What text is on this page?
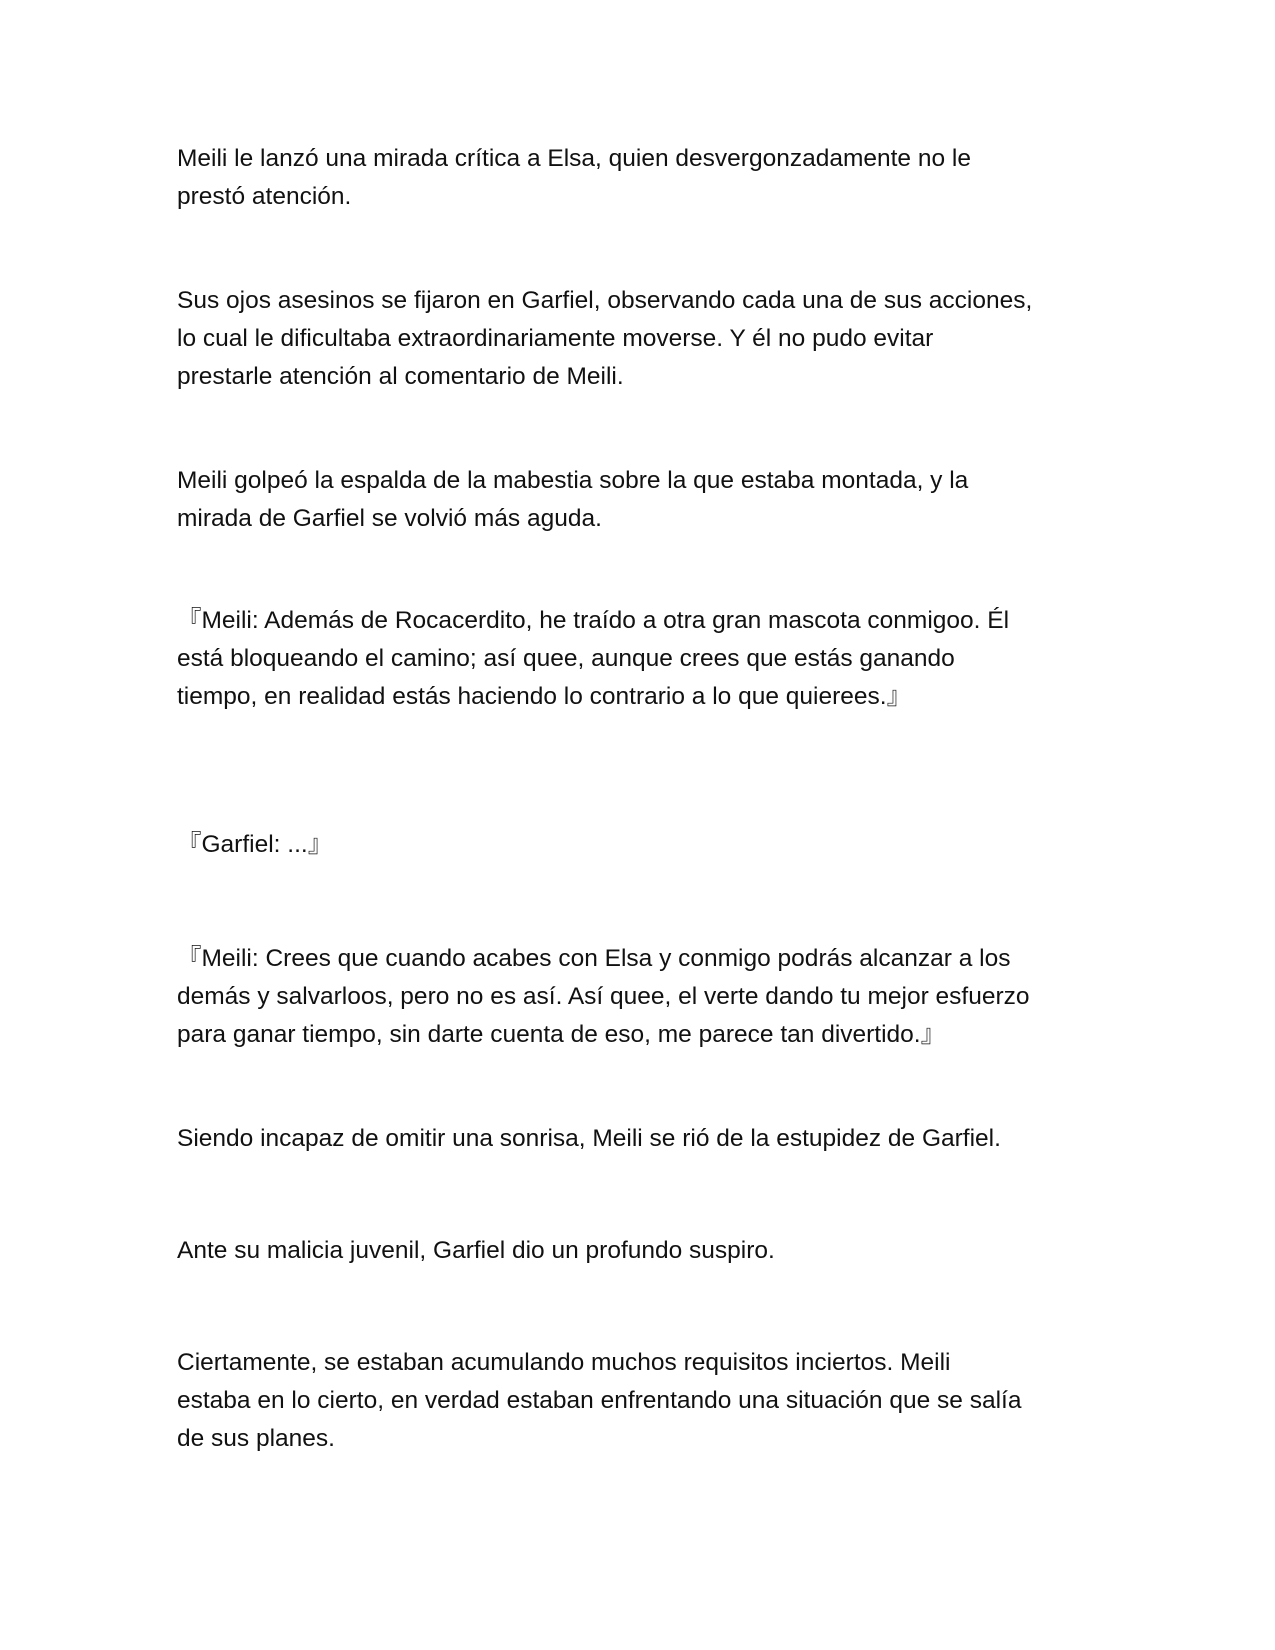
Meili le lanzó una mirada crítica a Elsa, quien desvergonzadamente no le
prestó atención.

Sus ojos asesinos se fijaron en Garfiel, observando cada una de sus acciones,
lo cual le dificultaba extraordinariamente moverse. Y él no pudo evitar
prestarle atención al comentario de Meili.

Meili golpeó la espalda de la mabestia sobre la que estaba montada, y la
mirada de Garfiel se volvió más aguda.

『Meili: Además de Rocacerdito, he traído a otra gran mascota conmigoo. Él
está bloqueando el camino; así quee, aunque crees que estás ganando
tiempo, en realidad estás haciendo lo contrario a lo que quierees.』

『Garfiel: ...』

『Meili: Crees que cuando acabes con Elsa y conmigo podrás alcanzar a los
demás y salvarloos, pero no es así. Así quee, el verte dando tu mejor esfuerzo
para ganar tiempo, sin darte cuenta de eso, me parece tan divertido.』

Siendo incapaz de omitir una sonrisa, Meili se rió de la estupidez de Garfiel.

Ante su malicia juvenil, Garfiel dio un profundo suspiro.

Ciertamente, se estaban acumulando muchos requisitos inciertos. Meili
estaba en lo cierto, en verdad estaban enfrentando una situación que se salía
de sus planes.
